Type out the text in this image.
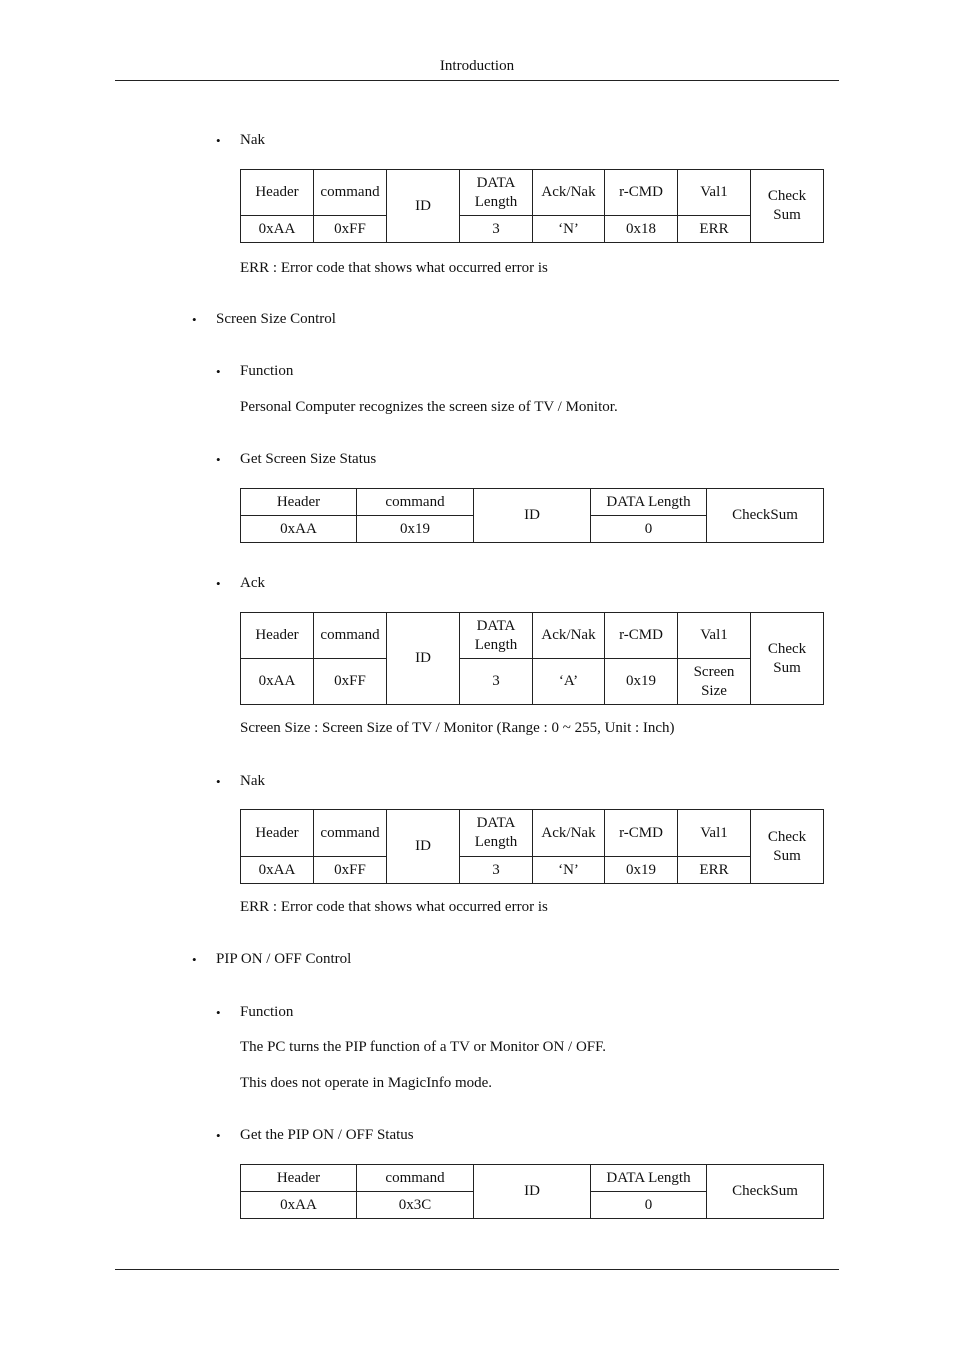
Introduction
• Nak
Header	command	ID	DATA Length	Ack/Nak	r-CMD	Val1	Check Sum
0xAA	0xFF		3	‘N’	0x18	ERR	
ERR : Error code that shows what occurred error is
• Screen Size Control
• Function
Personal Computer recognizes the screen size of TV / Monitor.
• Get Screen Size Status
Header	command	ID	DATA Length	CheckSum
0xAA	0x19		0	
• Ack
Header	command	ID	DATA Length	Ack/Nak	r-CMD	Val1	Check Sum
0xAA	0xFF		3	‘A’	0x19	Screen Size	
Screen Size : Screen Size of TV / Monitor (Range : 0 ~ 255, Unit : Inch)
• Nak
Header	command	ID	DATA Length	Ack/Nak	r-CMD	Val1	Check Sum
0xAA	0xFF		3	‘N’	0x19	ERR	
ERR : Error code that shows what occurred error is
• PIP ON / OFF Control
• Function
The PC turns the PIP function of a TV or Monitor ON / OFF.
This does not operate in MagicInfo mode.
• Get the PIP ON / OFF Status
Header	command	ID	DATA Length	CheckSum
0xAA	0x3C		0	
